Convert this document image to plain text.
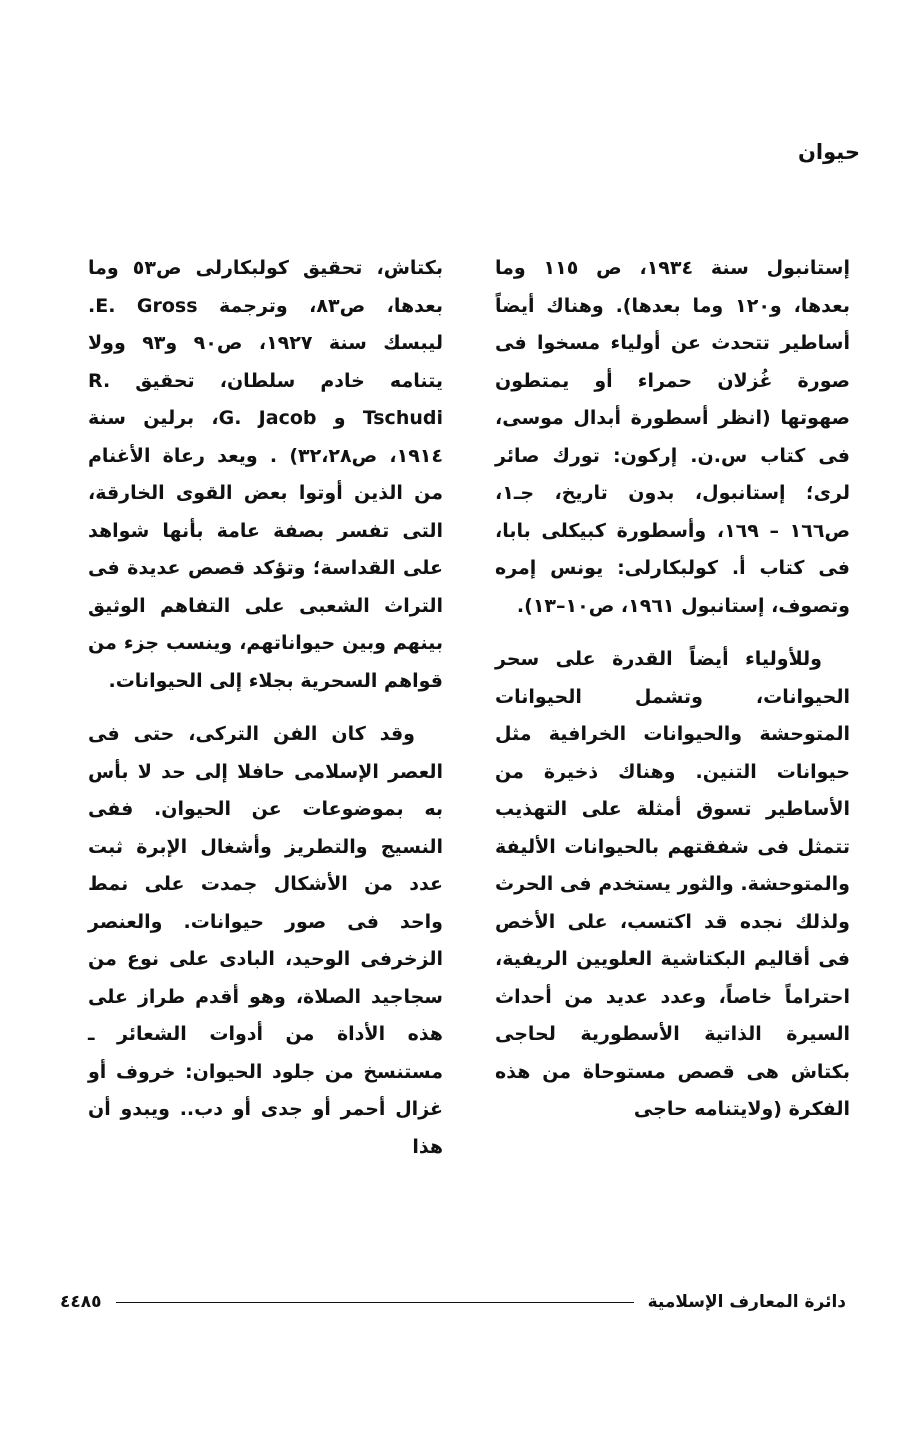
حيوان

إستانبول سنة ١٩٣٤، ص ١١٥ وما بعدها، و١٢٠ وما بعدها). وهناك أيضاً أساطير تتحدث عن أولياء مسخوا فى صورة غُزلان حمراء أو يمتطون صهوتها (انظر أسطورة أبدال موسى، فى كتاب س.ن. إركون: تورك صائر لرى؛ إستانبول، بدون تاريخ، جـ١، ص١٦٦ – ١٦٩، وأسطورة كبيكلى بابا، فى كتاب أ. كولبكارلى: يونس إمره وتصوف، إستانبول ١٩٦١، ص١٠–١٣).

وللأولياء أيضاً القدرة على سحر الحيوانات، وتشمل الحيوانات المتوحشة والحيوانات الخرافية مثل حيوانات التنين. وهناك ذخيرة من الأساطير تسوق أمثلة على التهذيب تتمثل فى شفقتهم بالحيوانات الأليفة والمتوحشة. والثور يستخدم فى الحرث ولذلك نجده قد اكتسب، على الأخص فى أقاليم البكتاشية العلويين الريفية، احتراماً خاصاً، وعدد عديد من أحداث السيرة الذاتية الأسطورية لحاجى بكتاش هى قصص مستوحاة من هذه الفكرة (ولايتنامه حاجى

بكتاش، تحقيق كولبكارلى ص٥٣ وما بعدها، ص٨٣، وترجمة E. Gross. ليبسك سنة ١٩٢٧، ص٩٠ و٩٣ وولا يتنامه خادم سلطان، تحقيق R. Tschudi و G. Jacob، برلين سنة ١٩١٤، ص٣٢،٢٨) . ويعد رعاة الأغنام من الذين أوتوا بعض القوى الخارقة، التى تفسر بصفة عامة بأنها شواهد على القداسة؛ وتؤكد قصص عديدة فى التراث الشعبى على التفاهم الوثيق بينهم وبين حيواناتهم، وينسب جزء من قواهم السحرية بجلاء إلى الحيوانات.

وقد كان الفن التركى، حتى فى العصر الإسلامى حافلا إلى حد لا بأس به بموضوعات عن الحيوان. ففى النسيج والتطريز وأشغال الإبرة ثبت عدد من الأشكال جمدت على نمط واحد فى صور حيوانات. والعنصر الزخرفى الوحيد، البادى على نوع من سجاجيد الصلاة، وهو أقدم طراز على هذه الأداة من أدوات الشعائر ـ مستنسخ من جلود الحيوان: خروف أو غزال أحمر أو جدى أو دب.. ويبدو أن هذا

دائرة المعارف الإسلامية
٤٤٨٥
